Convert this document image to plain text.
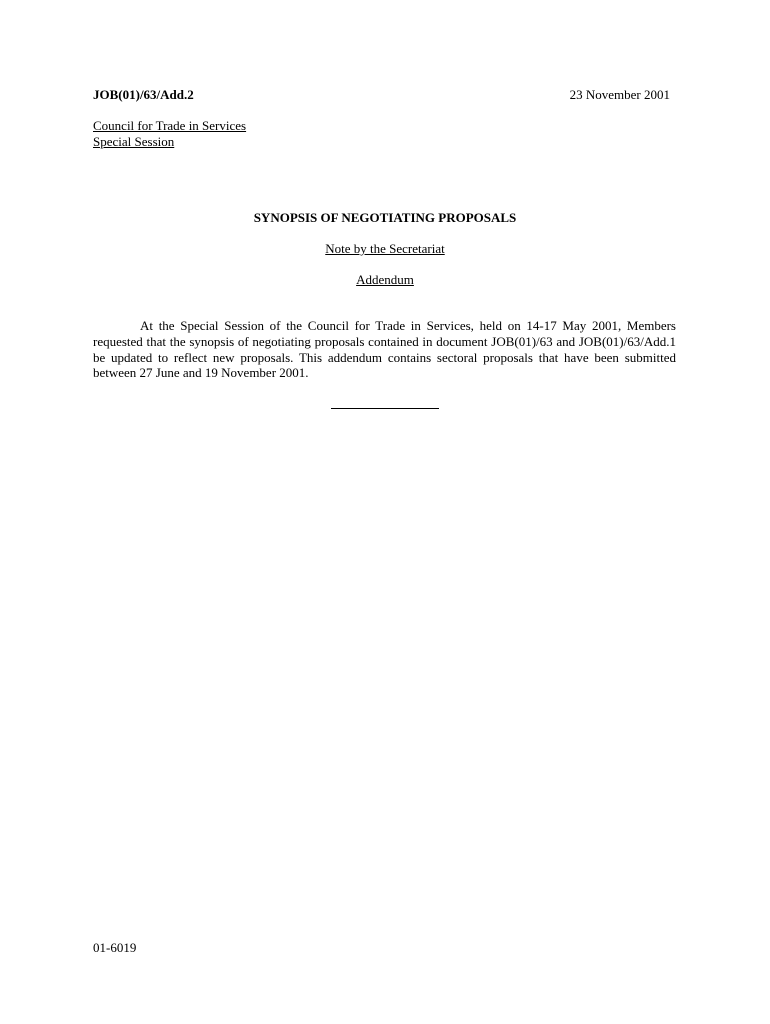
JOB(01)/63/Add.2	23 November 2001
Council for Trade in Services
Special Session
SYNOPSIS OF NEGOTIATING PROPOSALS
Note by the Secretariat
Addendum
At the Special Session of the Council for Trade in Services, held on 14-17 May 2001, Members requested that the synopsis of negotiating proposals contained in document JOB(01)/63 and JOB(01)/63/Add.1 be updated to reflect new proposals. This addendum contains sectoral proposals that have been submitted between 27 June and 19 November 2001.
01-6019
